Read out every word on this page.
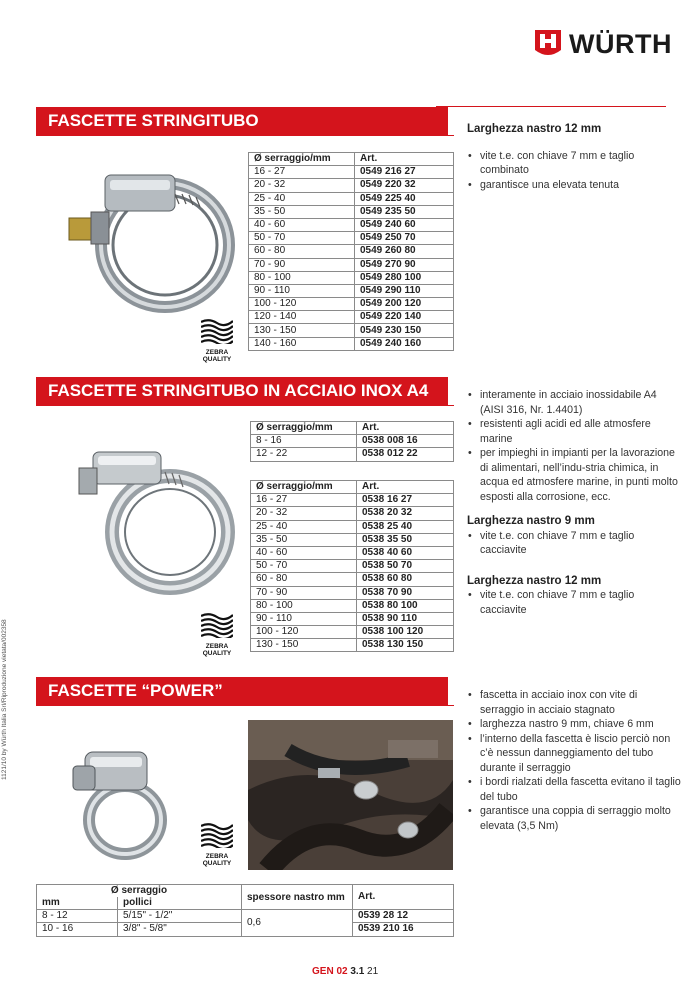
WÜRTH
FASCETTE STRINGITUBO	Larghezza nastro 12 mm
• vite t.e. con chiave 7 mm e taglio combinato
• garantisce una elevata tenuta
ZEBRA
QUALITY
Ø serraggio/mm	Art.
16 - 27	0549 216 27
20 - 32	0549 220 32
25 - 40	0549 225 40
35 - 50	0549 235 50
40 - 60	0549 240 60
50 - 70	0549 250 70
60 - 80	0549 260 80
70 - 90	0549 270 90
80 - 100	0549 280 100
90 - 110	0549 290 110
100 - 120	0549 200 120
120 - 140	0549 220 140
130 - 150	0549 230 150
140 - 160	0549 240 160
FASCETTE STRINGITUBO IN ACCIAIO INOX A4	• interamente in acciaio inossidabile A4 (AISI 316, Nr. 1.4401)
• resistenti agli acidi ed alle atmosfere marine
• per impieghi in impianti per la lavorazione di alimentari, nell’indu-stria chimica, in acqua ed atmosfere marine, in punti molto esposti alla corrosione, ecc.
Larghezza nastro 9 mm
• vite t.e. con chiave 7 mm e taglio cacciavite
Larghezza nastro 12 mm
• vite t.e. con chiave 7 mm e taglio cacciavite
ZEBRA
QUALITY
Ø serraggio/mm	Art.
8 - 16	0538 008 16
12 - 22	0538 012 22
Ø serraggio/mm	Art.
16 - 27	0538 16 27
20 - 32	0538 20 32
25 - 40	0538 25 40
35 - 50	0538 35 50
40 - 60	0538 40 60
50 - 70	0538 50 70
60 - 80	0538 60 80
70 - 90	0538 70 90
80 - 100	0538 80 100
90 - 110	0538 90 110
100 - 120	0538 100 120
130 - 150	0538 130 150
FASCETTE “POWER”	• fascetta in acciaio inox con vite di serraggio in acciaio stagnato
• larghezza nastro 9 mm, chiave 6 mm
• l’interno della fascetta è liscio perciò non c’è nessun danneggiamento del tubo durante il serraggio
• i bordi rialzati della fascetta evitano il taglio del tubo
• garantisce una coppia di serraggio molto elevata (3,5 Nm)
ZEBRA
QUALITY
Ø serraggio		spessore nastro mm	Art.
mm	pollici		
8 - 12	5/15" - 1/2"	0,6	0539 28 12
10 - 16	3/8" - 5/8"		0539 210 16
1121/10 by Würth Italia Srl/Riproduzione vietata/002358
GEN 02 3.1 21
